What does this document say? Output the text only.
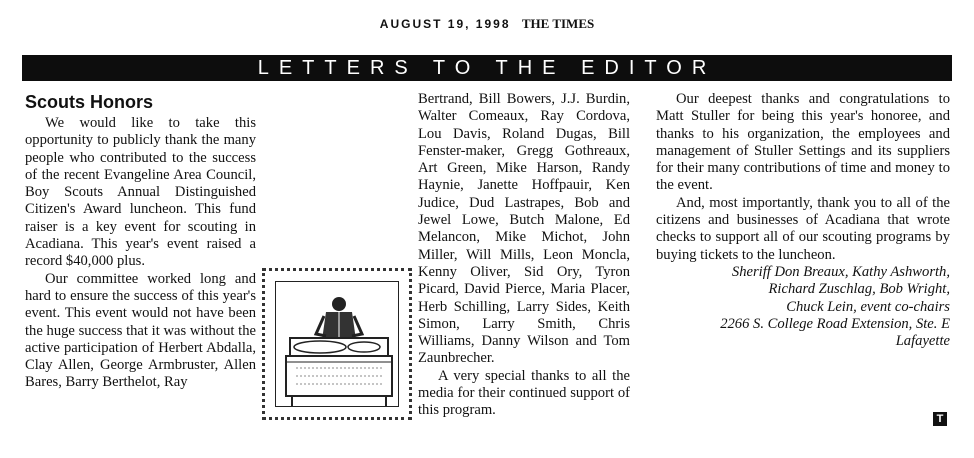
AUGUST 19, 1998 THE TIMES
LETTERS TO THE EDITOR
Scouts Honors

We would like to take this opportunity to publicly thank the many people who contributed to the success of the recent Evangeline Area Council, Boy Scouts Annual Distinguished Citizen's Award luncheon. This fund raiser is a key event for scouting in Acadiana. This year's event raised a record $40,000 plus.

Our committee worked long and hard to ensure the success of this year's event. This event would not have been the huge success that it was without the active participation of Herbert Abdalla, Clay Allen, George Armbruster, Allen Bares, Barry Berthelot, Ray

Bertrand, Bill Bowers, J.J. Burdin, Walter Comeaux, Ray Cordova, Lou Davis, Roland Dugas, Bill Fenster-maker, Gregg Gothreaux, Art Green, Mike Harson, Randy Haynie, Janette Hoffpauir, Ken Judice, Dud Lastrapes, Bob and Jewel Lowe, Butch Malone, Ed Melancon, Mike Michot, John Miller, Will Mills, Leon Moncla, Kenny Oliver, Sid Ory, Tyron Picard, David Pierce, Maria Placer, Herb Schilling, Larry Sides, Keith Simon, Larry Smith, Chris Williams, Danny Wilson and Tom Zaunbrecher.

A very special thanks to all the media for their continued support of this program.

Our deepest thanks and congratulations to Matt Stuller for being this year's honoree, and thanks to his organization, the employees and management of Stuller Settings and its suppliers for their many contributions of time and money to the event.

And, most importantly, thank you to all of the citizens and businesses of Acadiana that wrote checks to support all of our scouting programs by buying tickets to the luncheon.

Sheriff Don Breaux, Kathy Ashworth,
Richard Zuschlag, Bob Wright,
Chuck Lein, event co-chairs
2266 S. College Road Extension, Ste. E
Lafayette
T
